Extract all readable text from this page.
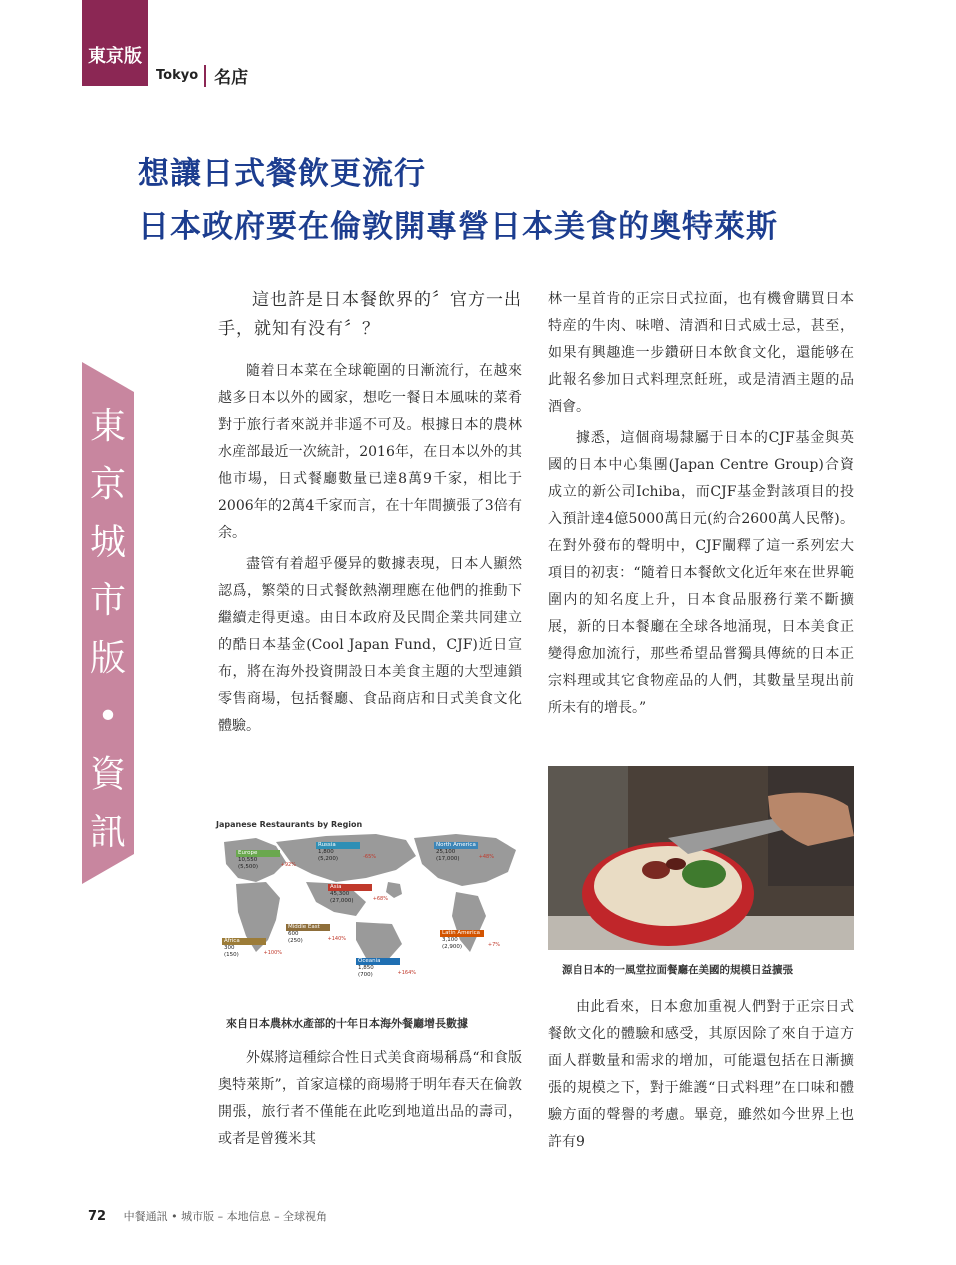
東京版
Tokyo 名店
想讓日式餐飲更流行
日本政府要在倫敦開專營日本美食的奥特萊斯
東
京
城
市
版
•
資
訊

這也許是日本餐飲界的〞官方一出手，就知有没有〞？

隨着日本菜在全球範圍的日漸流行，在越來越多日本以外的國家，想吃一餐日本風味的菜肴對于旅行者來説并非遥不可及。根據日本的農林水産部最近一次統計，2016年，在日本以外的其他市場，日式餐廳數量已達8萬9千家，相比于2006年的2萬4千家而言，在十年間擴張了3倍有余。

盡管有着超乎優异的數據表現，日本人顯然認爲，繁榮的日式餐飲熱潮理應在他們的推動下繼續走得更遠。由日本政府及民間企業共同建立的酷日本基金(Cool Japan Fund，CJF)近日宣布，將在海外投資開設日本美食主題的大型連鎖零售商場，包括餐廳、食品商店和日式美食文化體驗。

Japanese Restaurants by Region
Europe
10,550
(5,500)	+92%
Russia
1,800
(5,200)	-65%
North America
25,100
(17,000)	+48%
Asia
45,300
(27,000)	+68%
Middle East
600
(250)	+140%
Africa
300
(150)	+100%
Latin America
3,100
(2,900)	+7%
Oceania
1,850
(700)	+164%
來自日本農林水產部的十年日本海外餐廳增長數據

外媒將這種綜合性日式美食商場稱爲“和食版奥特萊斯”，首家這樣的商場將于明年春天在倫敦開張，旅行者不僅能在此吃到地道出品的壽司，或者是曾獲米其

林一星首肯的正宗日式拉面，也有機會購買日本特産的牛肉、味噌、清酒和日式威士忌，甚至，如果有興趣進一步鑽研日本飲食文化，還能够在此報名參加日式料理烹飪班，或是清酒主題的品酒會。

據悉，這個商場隸屬于日本的CJF基金與英國的日本中心集團(Japan Centre Group)合資成立的新公司Ichiba，而CJF基金對該項目的投入預計達4億5000萬日元(約合2600萬人民幣)。在對外發布的聲明中，CJF闡釋了這一系列宏大項目的初衷：“隨着日本餐飲文化近年來在世界範圍内的知名度上升，日本食品服務行業不斷擴展，新的日本餐廳在全球各地涌現，日本美食正變得愈加流行，那些希望品嘗獨具傳統的日本正宗料理或其它食物産品的人們，其數量呈現出前所未有的增長。”

源自日本的一風堂拉面餐廳在美國的規模日益擴張

由此看來，日本愈加重視人們對于正宗日式餐飲文化的體驗和感受，其原因除了來自于這方面人群數量和需求的增加，可能還包括在日漸擴張的規模之下，對于維護“日式料理”在口味和體驗方面的聲譽的考慮。畢竟，雖然如今世界上也許有9

72 中餐通訊 • 城市版 – 本地信息 – 全球視角
